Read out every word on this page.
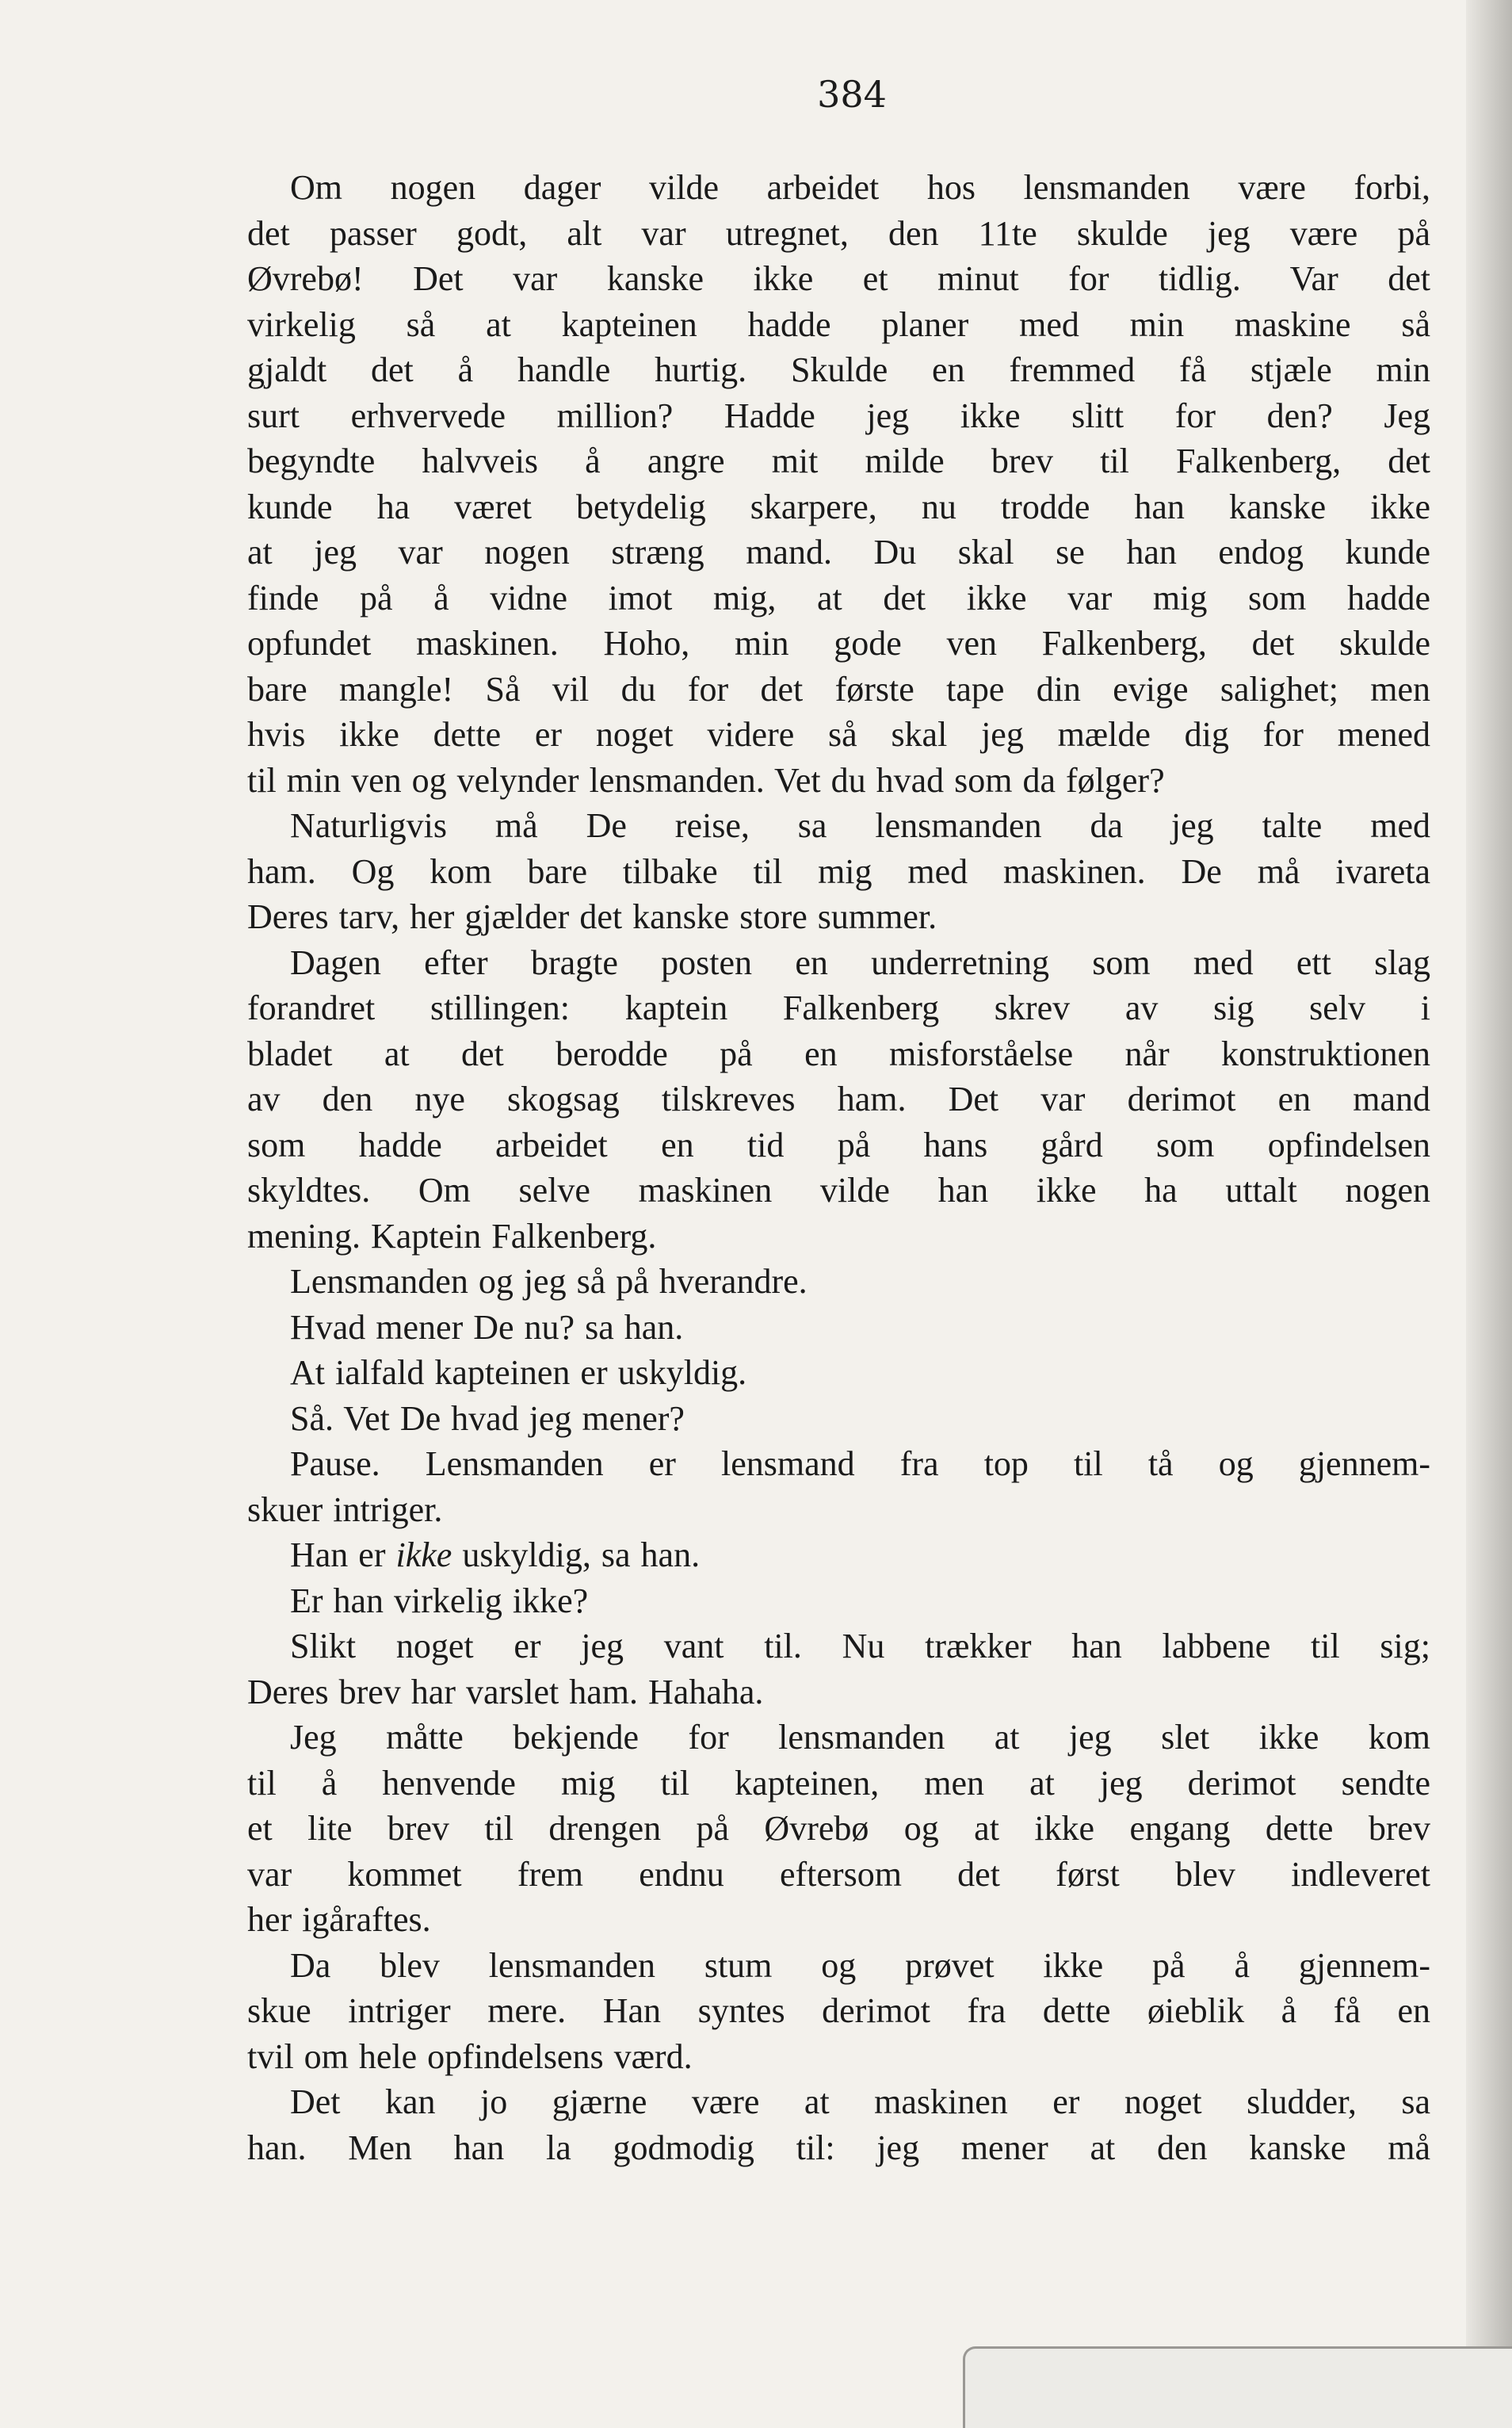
384

Om nogen dager vilde arbeidet hos lensmanden være forbi,

det passer godt, alt var utregnet, den 11te skulde jeg være på

Øvrebø! Det var kanske ikke et minut for tidlig. Var det

virkelig så at kapteinen hadde planer med min maskine så

gjaldt det å handle hurtig. Skulde en fremmed få stjæle min

surt erhvervede million? Hadde jeg ikke slitt for den? Jeg

begyndte halvveis å angre mit milde brev til Falkenberg, det

kunde ha været betydelig skarpere, nu trodde han kanske ikke

at jeg var nogen stræng mand. Du skal se han endog kunde

finde på å vidne imot mig, at det ikke var mig som hadde

opfundet maskinen. Hoho, min gode ven Falkenberg, det skulde

bare mangle! Så vil du for det første tape din evige salighet; men

hvis ikke dette er noget videre så skal jeg mælde dig for mened

til min ven og velynder lensmanden. Vet du hvad som da følger?

Naturligvis må De reise, sa lensmanden da jeg talte med

ham. Og kom bare tilbake til mig med maskinen. De må ivareta

Deres tarv, her gjælder det kanske store summer.

Dagen efter bragte posten en underretning som med ett slag

forandret stillingen: kaptein Falkenberg skrev av sig selv i

bladet at det berodde på en misforståelse når konstruktionen

av den nye skogsag tilskreves ham. Det var derimot en mand

som hadde arbeidet en tid på hans gård som opfindelsen

skyldtes. Om selve maskinen vilde han ikke ha uttalt nogen

mening. Kaptein Falkenberg.

Lensmanden og jeg så på hverandre.

Hvad mener De nu? sa han.

At ialfald kapteinen er uskyldig.

Så. Vet De hvad jeg mener?

Pause. Lensmanden er lensmand fra top til tå og gjennem-

skuer intriger.

Han er ikke uskyldig, sa han.

Er han virkelig ikke?

Slikt noget er jeg vant til. Nu trækker han labbene til sig;

Deres brev har varslet ham. Hahaha.

Jeg måtte bekjende for lensmanden at jeg slet ikke kom

til å henvende mig til kapteinen, men at jeg derimot sendte

et lite brev til drengen på Øvrebø og at ikke engang dette brev

var kommet frem endnu eftersom det først blev indleveret

her igåraftes.

Da blev lensmanden stum og prøvet ikke på å gjennem-

skue intriger mere. Han syntes derimot fra dette øieblik å få en

tvil om hele opfindelsens værd.

Det kan jo gjærne være at maskinen er noget sludder, sa

han. Men han la godmodig til: jeg mener at den kanske må
